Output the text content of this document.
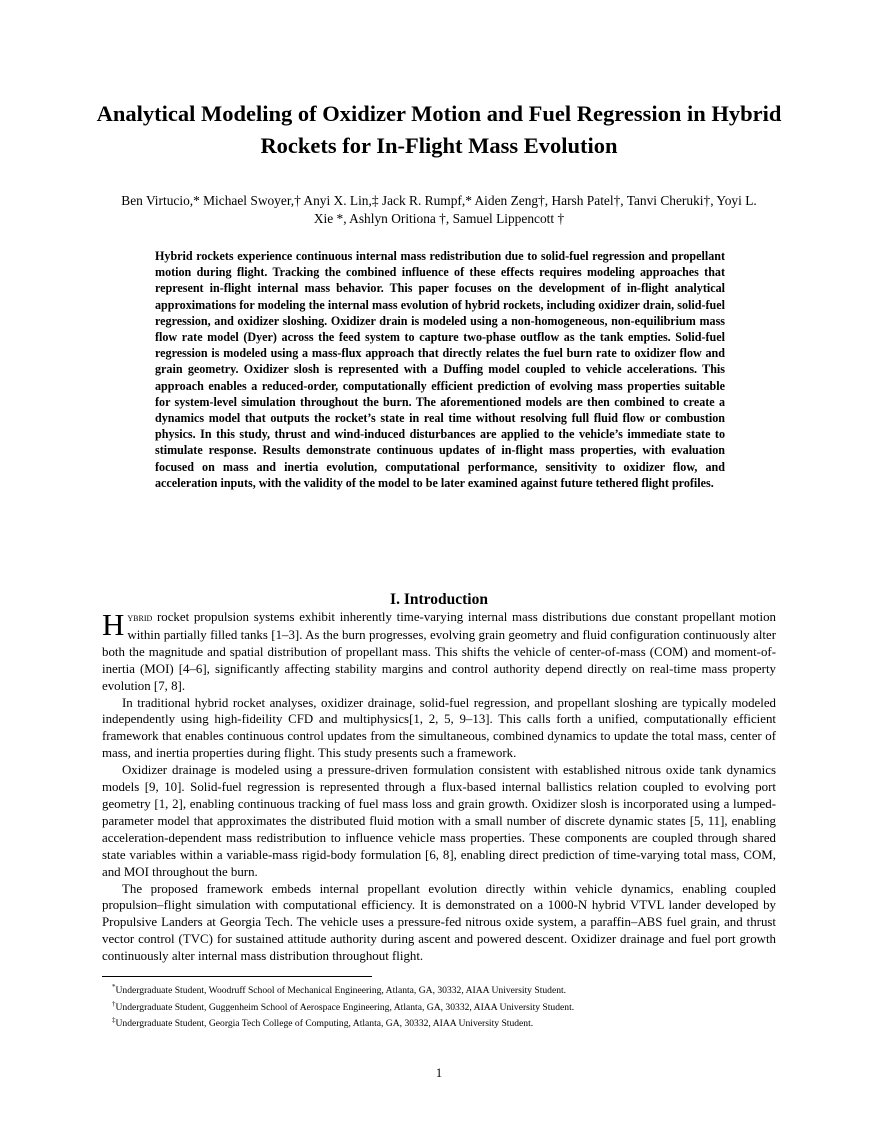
Analytical Modeling of Oxidizer Motion and Fuel Regression in Hybrid Rockets for In-Flight Mass Evolution
Ben Virtucio,* Michael Swoyer,† Anyi X. Lin,‡ Jack R. Rumpf,* Aiden Zeng†, Harsh Patel†, Tanvi Cheruki†, Yoyi L.
Xie *, Ashlyn Oritiona †, Samuel Lippencott †
Hybrid rockets experience continuous internal mass redistribution due to solid-fuel regression and propellant motion during flight. Tracking the combined influence of these effects requires modeling approaches that represent in-flight internal mass behavior. This paper focuses on the development of in-flight analytical approximations for modeling the internal mass evolution of hybrid rockets, including oxidizer drain, solid-fuel regression, and oxidizer sloshing. Oxidizer drain is modeled using a non-homogeneous, non-equilibrium mass flow rate model (Dyer) across the feed system to capture two-phase outflow as the tank empties. Solid-fuel regression is modeled using a mass-flux approach that directly relates the fuel burn rate to oxidizer flow and grain geometry. Oxidizer slosh is represented with a Duffing model coupled to vehicle accelerations. This approach enables a reduced-order, computationally efficient prediction of evolving mass properties suitable for system-level simulation throughout the burn. The aforementioned models are then combined to create a dynamics model that outputs the rocket’s state in real time without resolving full fluid flow or combustion physics. In this study, thrust and wind-induced disturbances are applied to the vehicle’s immediate state to stimulate response. Results demonstrate continuous updates of in-flight mass properties, with evaluation focused on mass and inertia evolution, computational performance, sensitivity to oxidizer flow, and acceleration inputs, with the validity of the model to be later examined against future tethered flight profiles.
I. Introduction

Hybrid rocket propulsion systems exhibit inherently time-varying internal mass distributions due constant propellant motion within partially filled tanks [1–3]. As the burn progresses, evolving grain geometry and fluid configuration continuously alter both the magnitude and spatial distribution of propellant mass. This shifts the vehicle of center-of-mass (COM) and moment-of-inertia (MOI) [4–6], significantly affecting stability margins and control authority depend directly on real-time mass property evolution [7, 8].

In traditional hybrid rocket analyses, oxidizer drainage, solid-fuel regression, and propellant sloshing are typically modeled independently using high-fideility CFD and multiphysics[1, 2, 5, 9–13]. This calls forth a unified, computationally efficient framework that enables continuous control updates from the simultaneous, combined dynamics to update the total mass, center of mass, and inertia properties during flight. This study presents such a framework.

Oxidizer drainage is modeled using a pressure-driven formulation consistent with established nitrous oxide tank dynamics models [9, 10]. Solid-fuel regression is represented through a flux-based internal ballistics relation coupled to evolving port geometry [1, 2], enabling continuous tracking of fuel mass loss and grain growth. Oxidizer slosh is incorporated using a lumped-parameter model that approximates the distributed fluid motion with a small number of discrete dynamic states [5, 11], enabling acceleration-dependent mass redistribution to influence vehicle mass properties. These components are coupled through shared state variables within a variable-mass rigid-body formulation [6, 8], enabling direct prediction of time-varying total mass, COM, and MOI throughout the burn.

The proposed framework embeds internal propellant evolution directly within vehicle dynamics, enabling coupled propulsion–flight simulation with computational efficiency. It is demonstrated on a 1000-N hybrid VTVL lander developed by Propulsive Landers at Georgia Tech. The vehicle uses a pressure-fed nitrous oxide system, a paraffin–ABS fuel grain, and thrust vector control (TVC) for sustained attitude authority during ascent and powered descent. Oxidizer drainage and fuel port growth continuously alter internal mass distribution throughout flight.

*Undergraduate Student, Woodruff School of Mechanical Engineering, Atlanta, GA, 30332, AIAA University Student.
†Undergraduate Student, Guggenheim School of Aerospace Engineering, Atlanta, GA, 30332, AIAA University Student.
‡Undergraduate Student, Georgia Tech College of Computing, Atlanta, GA, 30332, AIAA University Student.
1
